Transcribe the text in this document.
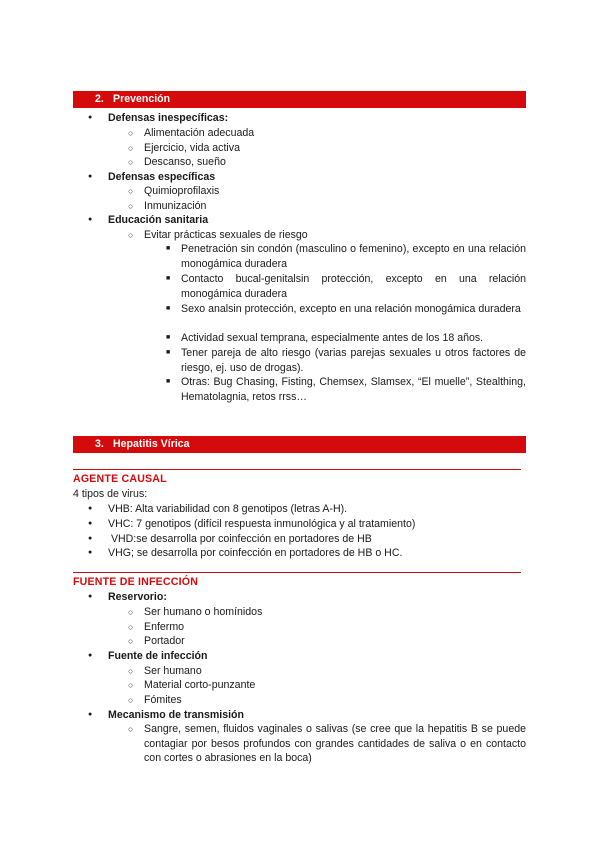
2. Prevención
● Defensas inespecíficas:
○ Alimentación adecuada
○ Ejercicio, vida activa
○ Descanso, sueño
● Defensas específicas
○ Quimioprofilaxis
○ Inmunización
● Educación sanitaria
○ Evitar prácticas sexuales de riesgo
■ Penetración sin condón (masculino o femenino), excepto en una relación monogámica duradera
■ Contacto bucal-genitalsin protección, excepto en una relación monogámica duradera
■ Sexo analsin protección, excepto en una relación monogámica duradera
■ Actividad sexual temprana, especialmente antes de los 18 años.
■ Tener pareja de alto riesgo (varias parejas sexuales u otros factores de riesgo, ej. uso de drogas).
■ Otras: Bug Chasing, Fisting, Chemsex, Slamsex, “El muelle”, Stealthing, Hematolagnia, retos rrss…
3. Hepatitis Vírica
AGENTE CAUSAL
4 tipos de virus:
● VHB: Alta variabilidad con 8 genotipos (letras A-H).
● VHC: 7 genotipos (difícil respuesta inmunológica y al tratamiento)
●  VHD:se desarrolla por coinfección en portadores de HB
● VHG; se desarrolla por coinfección en portadores de HB o HC.
FUENTE DE INFECCIÓN
● Reservorio:
○ Ser humano o homínidos
○ Enfermo
○ Portador
● Fuente de infección
○ Ser humano
○ Material corto-punzante
○ Fómites
● Mecanismo de transmisión
○ Sangre, semen, fluidos vaginales o salivas (se cree que la hepatitis B se puede contagiar por besos profundos con grandes cantidades de saliva o en contacto con cortes o abrasiones en la boca)
